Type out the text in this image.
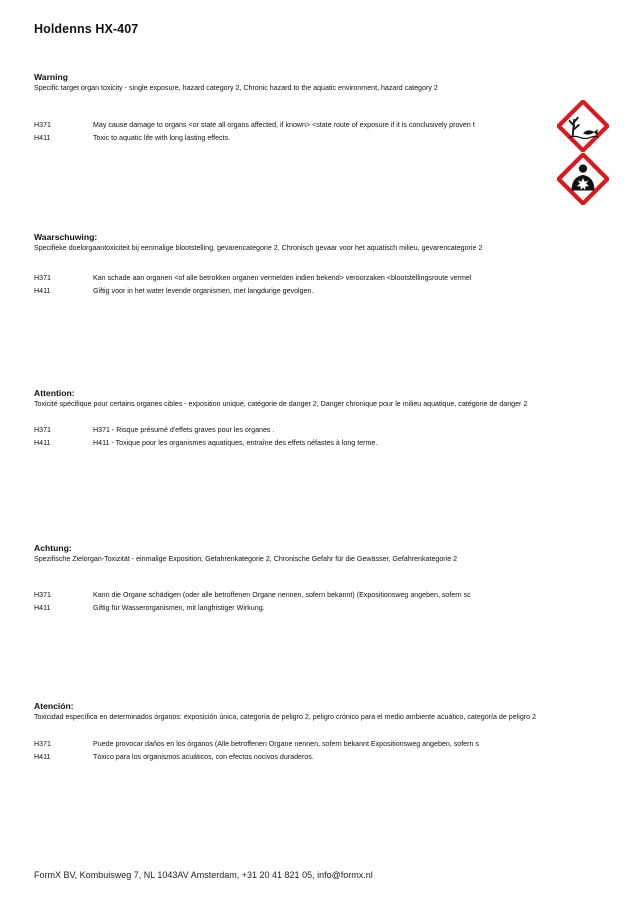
Holdenns HX-407
Warning
Specific target organ toxicity - single exposure, hazard category 2, Chronic hazard to the aquatic environment, hazard category 2
H371	May cause damage to organs <or state all organs affected, if known> <state route of exposure if it is conclusively proven t
H411	Toxic to aquatic life with long lasting effects.
Waarschuwing:
Specifieke doelorgaantoxiciteit bij eenmalige blootstelling, gevarencategorie 2, Chronisch gevaar voor het aquatisch milieu, gevarencategorie 2
H371	Kan schade aan organen <of alle betrokken organen vermelden indien bekend> veroorzaken <blootstellingsroute vermel
H411	Giftig voor in het water levende organismen, met langdurige gevolgen.
Attention:
Toxicité spécifique pour certains organes cibles - exposition unique, catégorie de danger 2, Danger chronique pour le milieu aquatique, catégorie de danger 2
H371	H371 - Risque présumé d'effets graves pour les organes .
H411	H411 - Toxique pour les organismes aquatiques, entraîne des effets néfastes à long terme.
Achtung:
Spezifische Zielorgan-Toxizität - einmalige Exposition, Gefahrenkategorie 2, Chronische Gefahr für die Gewässer, Gefahrenkategorie 2
H371	Kann die Organe schädigen (oder alle betroffenen Organe nennen, sofern bekannt) (Expositionsweg angeben, sofern sc
H411	Giftig für Wasserorganismen, mit langfristiger Wirkung.
Atención:
Toxicidad específica en determinados órganos: exposición única, categoría de peligro 2, peligro crónico para el medio ambiente acuático, categoría de peligro 2
H371	Puede provocar daños en los órganos (Alle betroffenen Organe nennen, sofern bekannt Expositionsweg angeben, sofern s
H411	Tóxico para los organismos acuáticos, con efectos nocivos duraderos.
FormX BV, Kombuisweg 7, NL 1043AV Amsterdam, +31 20 41 821 05, info@formx.nl
